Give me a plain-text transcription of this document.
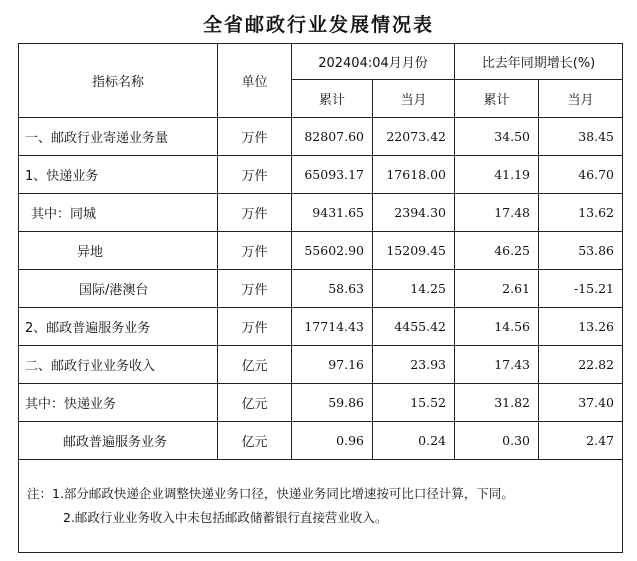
全省邮政行业发展情况表
指标名称	单位	202404:04月月份		比去年同期增长(%)	
		累计	当月	累计	当月
一、邮政行业寄递业务量	万件	82807.60	22073.42	34.50	38.45
1、快递业务	万件	65093.17	17618.00	41.19	46.70
其中：同城	万件	9431.65	2394.30	17.48	13.62
异地	万件	55602.90	15209.45	46.25	53.86
国际/港澳台	万件	58.63	14.25	2.61	-15.21
2、邮政普遍服务业务	万件	17714.43	4455.42	14.56	13.26
二、邮政行业业务收入	亿元	97.16	23.93	17.43	22.82
其中：快递业务	亿元	59.86	15.52	31.82	37.40
邮政普遍服务业务	亿元	0.96	0.24	0.30	2.47

注：1.部分邮政快递企业调整快递业务口径，快递业务同比增速按可比口径计算，下同。
2.邮政行业业务收入中未包括邮政储蓄银行直接营业收入。					
